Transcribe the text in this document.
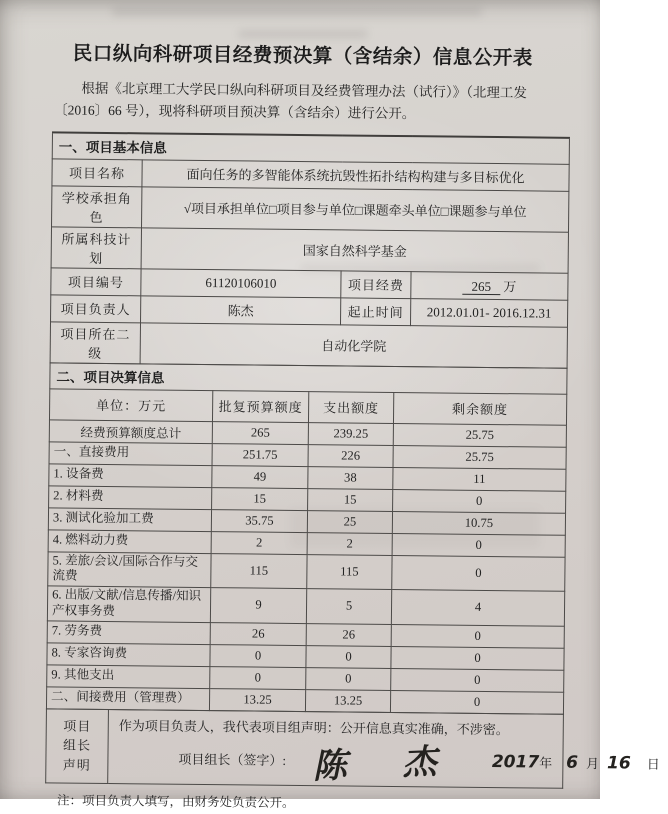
民口纵向科研项目经费预决算（含结余）信息公开表
根据《北京理工大学民口纵向科研项目及经费管理办法（试行）》（北理工发
〔2016〕66 号），现将科研项目预决算（含结余）进行公开。
一、项目基本信息			
项目名称	面向任务的多智能体系统抗毁性拓扑结构构建与多目标优化		
学校承担角色	√项目承担单位□项目参与单位□课题牵头单位□课题参与单位		
所属科技计划	国家自然科学基金		
项目编号	61120106010	项目经费	265 万
项目负责人	陈杰	起止时间	2012.01.01- 2016.12.31
项目所在二级	自动化学院		
二、项目决算信息			
单位：万元	批复预算额度	支出额度	剩余额度
经费预算额度总计	265	239.25	25.75
一、直接费用	251.75	226	25.75
1. 设备费	49	38	11
2. 材料费	15	15	0
3. 测试化验加工费	35.75	25	10.75
4. 燃料动力费	2	2	0
5. 差旅/会议/国际合作与交流费	115	115	0
6. 出版/文献/信息传播/知识产权事务费	9	5	4
7. 劳务费	26	26	0
8. 专家咨询费	0	0	0
9. 其他支出	0	0	0
二、间接费用（管理费）	13.25	13.25	0
项目
组长
声明

作为项目负责人，我代表项目组声明：公开信息真实准确，不涉密。
项目组长（签字）: 陈 杰 2017 年 6 月 16 日
注：项目负责人填写，由财务处负责公开。
